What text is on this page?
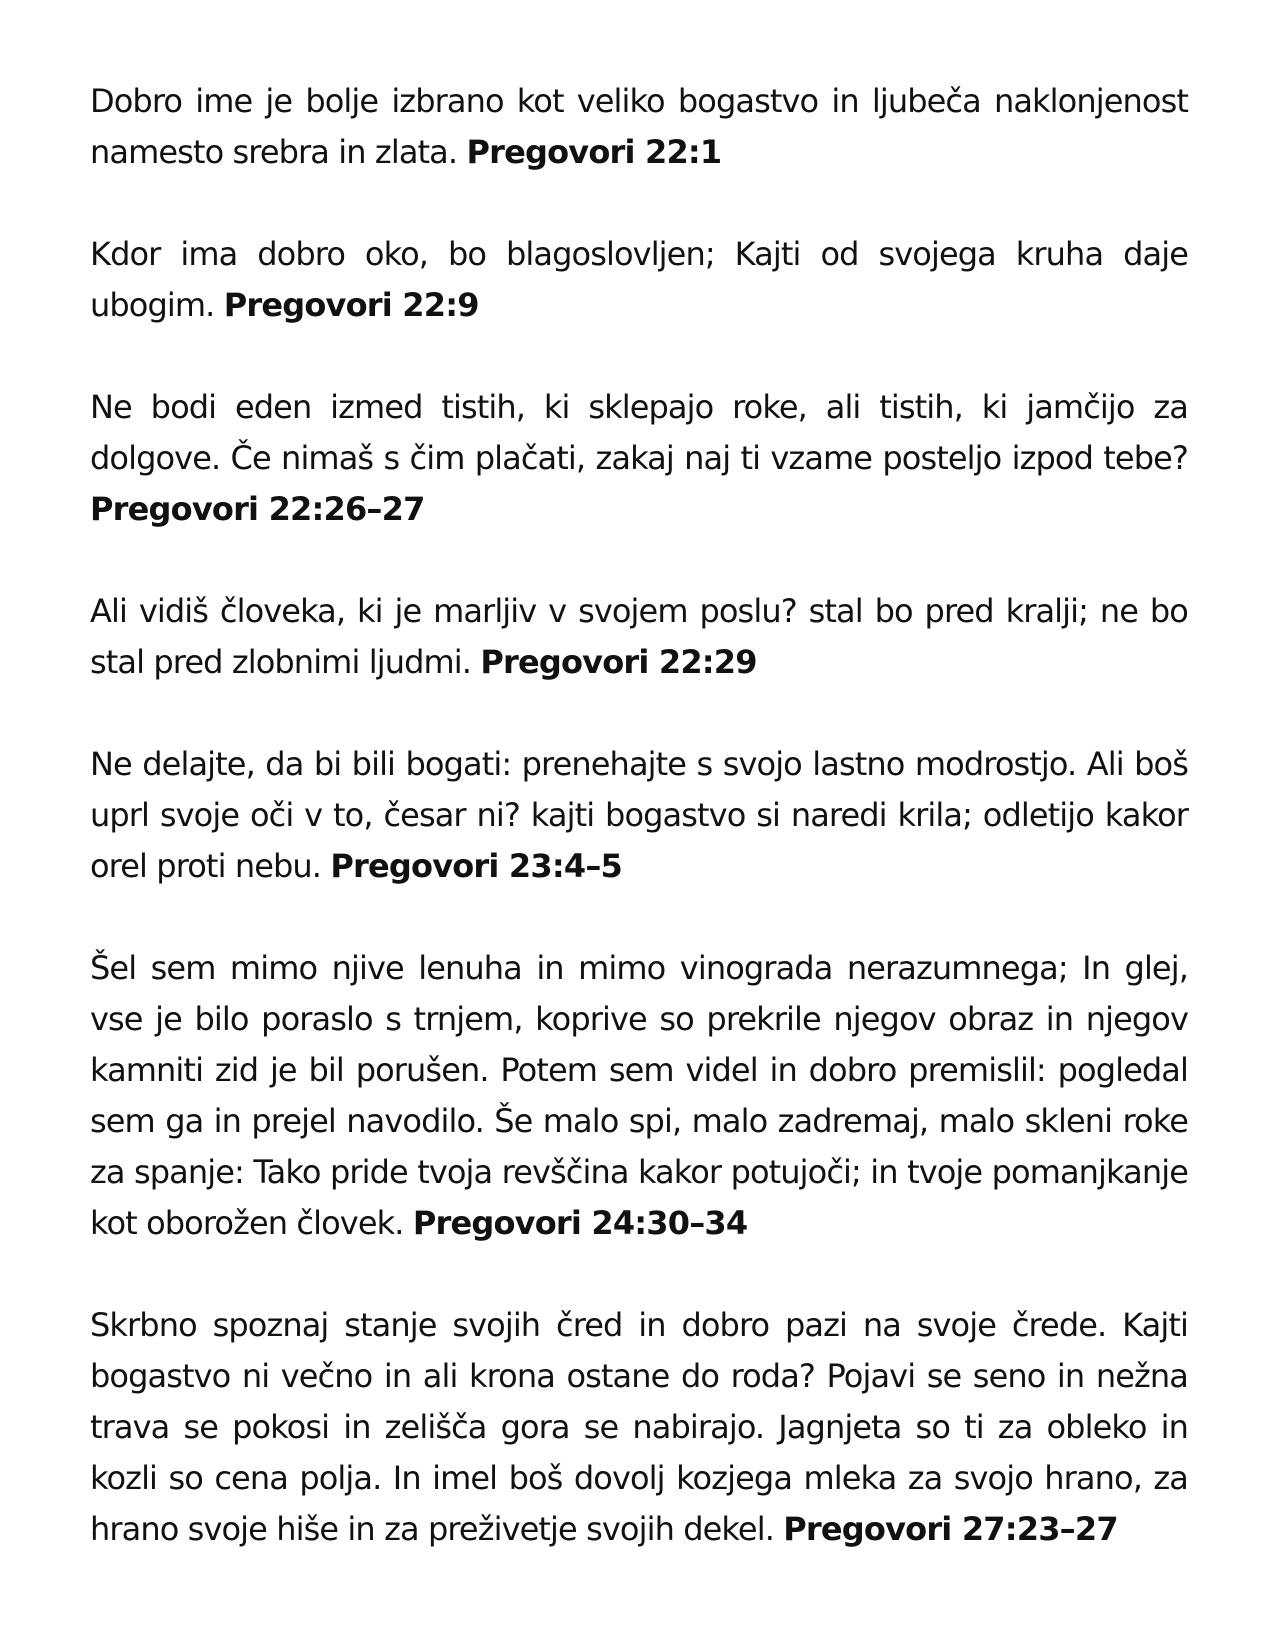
Dobro ime je bolje izbrano kot veliko bogastvo in ljubeča naklonjenost namesto srebra in zlata. Pregovori 22:1

Kdor ima dobro oko, bo blagoslovljen; Kajti od svojega kruha daje ubogim. Pregovori 22:9

Ne bodi eden izmed tistih, ki sklepajo roke, ali tistih, ki jamčijo za dolgove. Če nimaš s čim plačati, zakaj naj ti vzame posteljo izpod tebe? Pregovori 22:26–27

Ali vidiš človeka, ki je marljiv v svojem poslu? stal bo pred kralji; ne bo stal pred zlobnimi ljudmi. Pregovori 22:29

Ne delajte, da bi bili bogati: prenehajte s svojo lastno modrostjo. Ali boš uprl svoje oči v to, česar ni? kajti bogastvo si naredi krila; odletijo kakor orel proti nebu. Pregovori 23:4–5

Šel sem mimo njive lenuha in mimo vinograda nerazumnega; In glej, vse je bilo poraslo s trnjem, koprive so prekrile njegov obraz in njegov kamniti zid je bil porušen. Potem sem videl in dobro premislil: pogledal sem ga in prejel navodilo. Še malo spi, malo zadremaj, malo skleni roke za spanje: Tako pride tvoja revščina kakor potujoči; in tvoje pomanjkanje kot oborožen človek. Pregovori 24:30–34

Skrbno spoznaj stanje svojih čred in dobro pazi na svoje črede. Kajti bogastvo ni večno in ali krona ostane do roda? Pojavi se seno in nežna trava se pokosi in zelišča gora se nabirajo. Jagnjeta so ti za obleko in kozli so cena polja. In imel boš dovolj kozjega mleka za svojo hrano, za hrano svoje hiše in za preživetje svojih dekel. Pregovori 27:23–27
